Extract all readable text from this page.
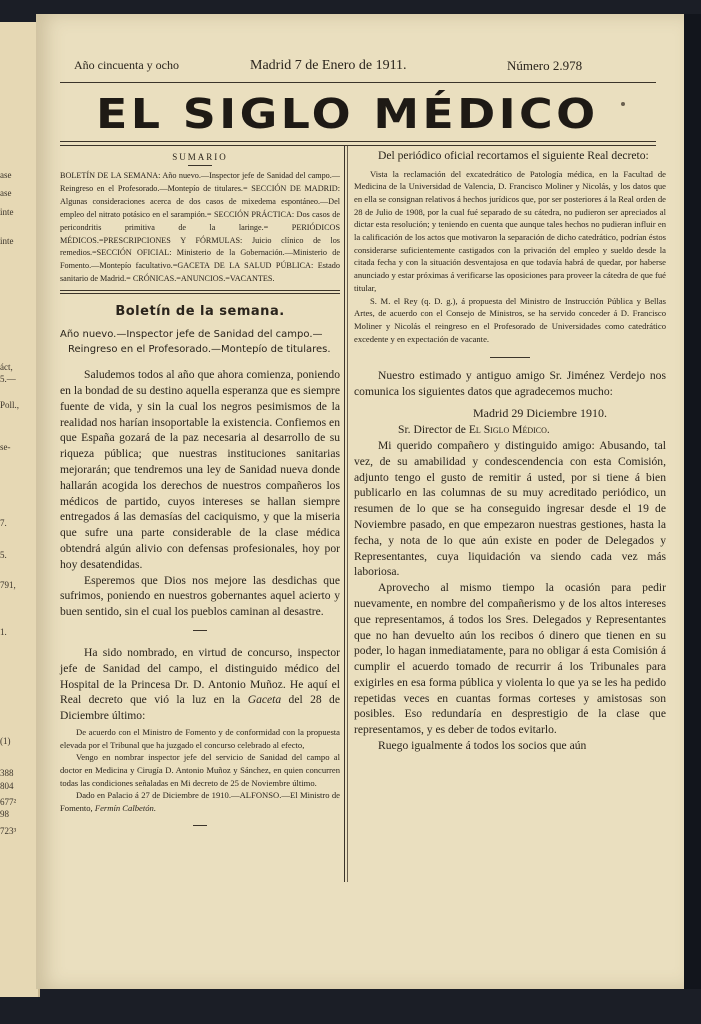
ase
ase
inte
inte
áct,
5.—
Poll.,
se-
7.
5.
791,
1.
(1)
388
804
677²
98
723³
Año cincuenta y ocho	Madrid 7 de Enero de 1911.	Número 2.978
EL SIGLO MÉDICO
SUMARIO

BOLETÍN DE LA SEMANA: Año nuevo.—Inspector jefe de Sanidad del campo.—Reingreso en el Profesorado.—Montepío de titulares.= SECCIÓN DE MADRID: Algunas consideraciones acerca de dos casos de mixedema espontáneo.—Del empleo del nitrato potásico en el sarampión.= SECCIÓN PRÁCTICA: Dos casos de pericondritis primitiva de la laringe.= PERIÓDICOS MÉDICOS.=PRESCRIPCIONES Y FÓRMULAS: Juicio clínico de los remedios.=SECCIÓN OFICIAL: Ministerio de la Gobernación.—Ministerio de Fomento.—Montepío facultativo.=GACETA DE LA SALUD PÚBLICA: Estado sanitario de Madrid.= CRÓNICAS.=ANUNCIOS.=VACANTES.

Boletín de la semana.

Año nuevo.—Inspector jefe de Sanidad del campo.—

Reingreso en el Profesorado.—Montepío de titulares.

Saludemos todos al año que ahora comienza, poniendo en la bondad de su destino aquella esperanza que es siempre fuente de vida, y sin la cual los negros pesimismos de la realidad nos harían insoportable la existencia. Confiemos en que España gozará de la paz necesaria al desarrollo de su riqueza pública; que nuestras instituciones sanitarias mejorarán; que tendremos una ley de Sanidad nueva donde hallarán acogida los derechos de nuestros compañeros los médicos de partido, cuyos intereses se hallan siempre entregados á las demasías del caciquismo, y que la miseria que sufre una parte considerable de la clase médica obtendrá algún alivio con defensas profesionales, hoy por hoy desatendidas.

Esperemos que Dios nos mejore las desdichas que sufrimos, poniendo en nuestros gobernantes aquel acierto y buen sentido, sin el cual los pueblos caminan al desastre.

Ha sido nombrado, en virtud de concurso, inspector jefe de Sanidad del campo, el distinguido médico del Hospital de la Princesa Dr. D. Antonio Muñoz. He aquí el Real decreto que vió la luz en la Gaceta del 28 de Diciembre último:

De acuerdo con el Ministro de Fomento y de conformidad con la propuesta elevada por el Tribunal que ha juzgado el concurso celebrado al efecto,

Vengo en nombrar inspector jefe del servicio de Sanidad del campo al doctor en Medicina y Cirugía D. Antonio Muñoz y Sánchez, en quien concurren todas las condiciones señaladas en Mi decreto de 25 de Noviembre último.

Dado en Palacio á 27 de Diciembre de 1910.—ALFONSO.—El Ministro de Fomento, Fermín Calbetón.

Del periódico oficial recortamos el siguiente Real decreto:

Vista la reclamación del excatedrático de Patología médica, en la Facultad de Medicina de la Universidad de Valencia, D. Francisco Moliner y Nicolás, y los datos que en ella se consignan relativos á hechos jurídicos que, por ser posteriores á la Real orden de 28 de Julio de 1908, por la cual fué separado de su cátedra, no pudieron ser apreciados al dictar esta resolución; y teniendo en cuenta que aunque tales hechos no pudieran influir en la calificación de los actos que motivaron la separación de dicho catedrático, podrían éstos considerarse suficientemente castigados con la privación del empleo y sueldo desde la citada fecha y con la situación desventajosa en que todavía habrá de quedar, por haberse anunciado y estar próximas á verificarse las oposiciones para proveer la cátedra de que fué titular,

S. M. el Rey (q. D. g.), á propuesta del Ministro de Instrucción Pública y Bellas Artes, de acuerdo con el Consejo de Ministros, se ha servido conceder á D. Francisco Moliner y Nicolás el reingreso en el Profesorado de Universidades como catedrático excedente y en expectación de vacante.

Nuestro estimado y antiguo amigo Sr. Jiménez Verdejo nos comunica los siguientes datos que agradecemos mucho:

Madrid 29 Diciembre 1910.
Sr. Director de El Siglo Médico.

Mi querido compañero y distinguido amigo: Abusando, tal vez, de su amabilidad y condescendencia con esta Comisión, adjunto tengo el gusto de remitir á usted, por si tiene á bien publicarlo en las columnas de su muy acreditado periódico, un resumen de lo que se ha conseguido ingresar desde el 19 de Noviembre pasado, en que empezaron nuestras gestiones, hasta la fecha, y nota de lo que aún existe en poder de Delegados y Representantes, cuya liquidación va siendo cada vez más laboriosa.

Aprovecho al mismo tiempo la ocasión para pedir nuevamente, en nombre del compañerismo y de los altos intereses que representamos, á todos los Sres. Delegados y Representantes que no han devuelto aún los recibos ó dinero que tienen en su poder, lo hagan inmediatamente, para no obligar á esta Comisión á cumplir el acuerdo tomado de recurrir á los Tribunales para exigirles en esa forma pública y violenta lo que ya se les ha pedido repetidas veces en cuantas formas corteses y amistosas son posibles. Eso redundaría en desprestigio de la clase que representamos, y es deber de todos evitarlo.

Ruego igualmente á todos los socios que aún
